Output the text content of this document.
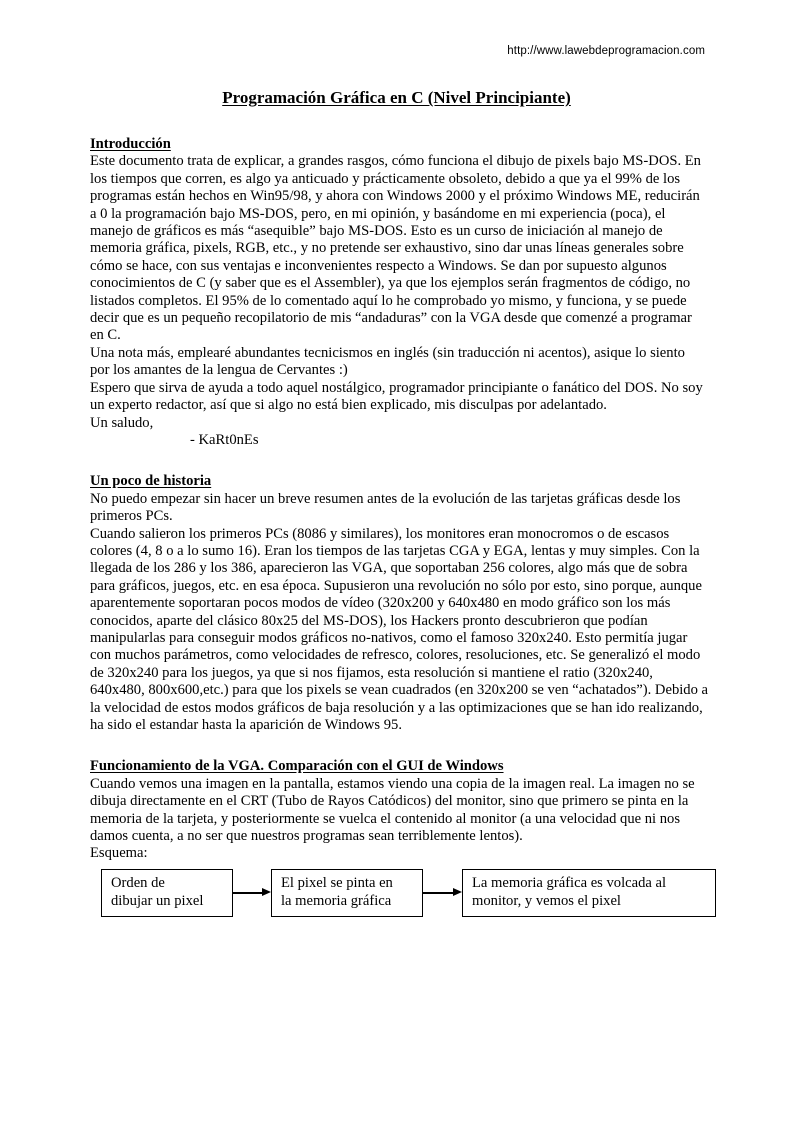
http://www.lawebdeprogramacion.com
Programación Gráfica en C (Nivel Principiante)
Introducción
Este documento trata de explicar, a grandes rasgos, cómo funciona el dibujo de pixels bajo MS-DOS. En los tiempos que corren, es algo ya anticuado y prácticamente obsoleto, debido a que ya el 99% de los programas están hechos en Win95/98, y ahora con Windows 2000 y el próximo Windows ME, reducirán a 0 la programación bajo MS-DOS, pero, en mi opinión, y basándome en mi experiencia (poca), el manejo de gráficos es más “asequible” bajo MS-DOS. Esto es un curso de iniciación al manejo de memoria gráfica, pixels, RGB, etc., y no pretende ser exhaustivo, sino dar unas líneas generales sobre cómo se hace, con sus ventajas e inconvenientes respecto a Windows. Se dan por supuesto algunos conocimientos de C (y saber que es el Assembler), ya que los ejemplos serán fragmentos de código, no listados completos. El 95% de lo comentado aquí lo he comprobado yo mismo, y funciona, y se puede decir que es un pequeño recopilatorio de mis “andaduras” con la VGA desde que comenzé a programar en C.
Una nota más, emplearé abundantes tecnicismos en inglés (sin traducción ni acentos), asique lo siento por los amantes de la lengua de Cervantes :)
Espero que sirva de ayuda a todo aquel nostálgico, programador principiante o fanático del DOS. No soy un experto redactor, así que si algo no está bien explicado, mis disculpas por adelantado.
Un saludo,
- KaRt0nEs
Un poco de historia
No puedo empezar sin hacer un breve resumen antes de la evolución de las tarjetas gráficas desde los primeros PCs.
Cuando salieron los primeros PCs (8086 y similares), los monitores eran monocromos o de escasos colores (4, 8 o a lo sumo 16). Eran los tiempos de las tarjetas CGA y EGA, lentas y muy simples. Con la llegada de los 286 y los 386, aparecieron las VGA, que soportaban 256 colores, algo más que de sobra para gráficos, juegos, etc. en esa época. Supusieron una revolución no sólo por esto, sino porque, aunque aparentemente soportaran pocos modos de vídeo (320x200 y 640x480 en modo gráfico son los más conocidos, aparte del clásico 80x25 del MS-DOS), los Hackers pronto descubrieron que podían manipularlas para conseguir modos gráficos no-nativos, como el famoso 320x240. Esto permitía jugar con muchos parámetros, como velocidades de refresco, colores, resoluciones, etc. Se generalizó el modo de 320x240 para los juegos, ya que si nos fijamos, esta resolución si mantiene el ratio (320x240, 640x480, 800x600,etc.) para que los pixels se vean cuadrados (en 320x200 se ven “achatados”). Debido a la velocidad de estos modos gráficos de baja resolución y a las optimizaciones que se han ido realizando, ha sido el estandar hasta la aparición de Windows 95.
Funcionamiento de la VGA. Comparación con el GUI de Windows
Cuando vemos una imagen en la pantalla, estamos viendo una copia de la imagen real. La imagen no se dibuja directamente en el CRT (Tubo de Rayos Catódicos) del monitor, sino que primero se pinta en la memoria de la tarjeta, y posteriormente se vuelca el contenido al monitor (a una velocidad que ni nos damos cuenta, a no ser que nuestros programas sean terriblemente lentos).
Esquema:
Orden de
dibujar un pixel
El pixel se pinta en
la memoria gráfica
La memoria gráfica es volcada al
monitor, y vemos el pixel
